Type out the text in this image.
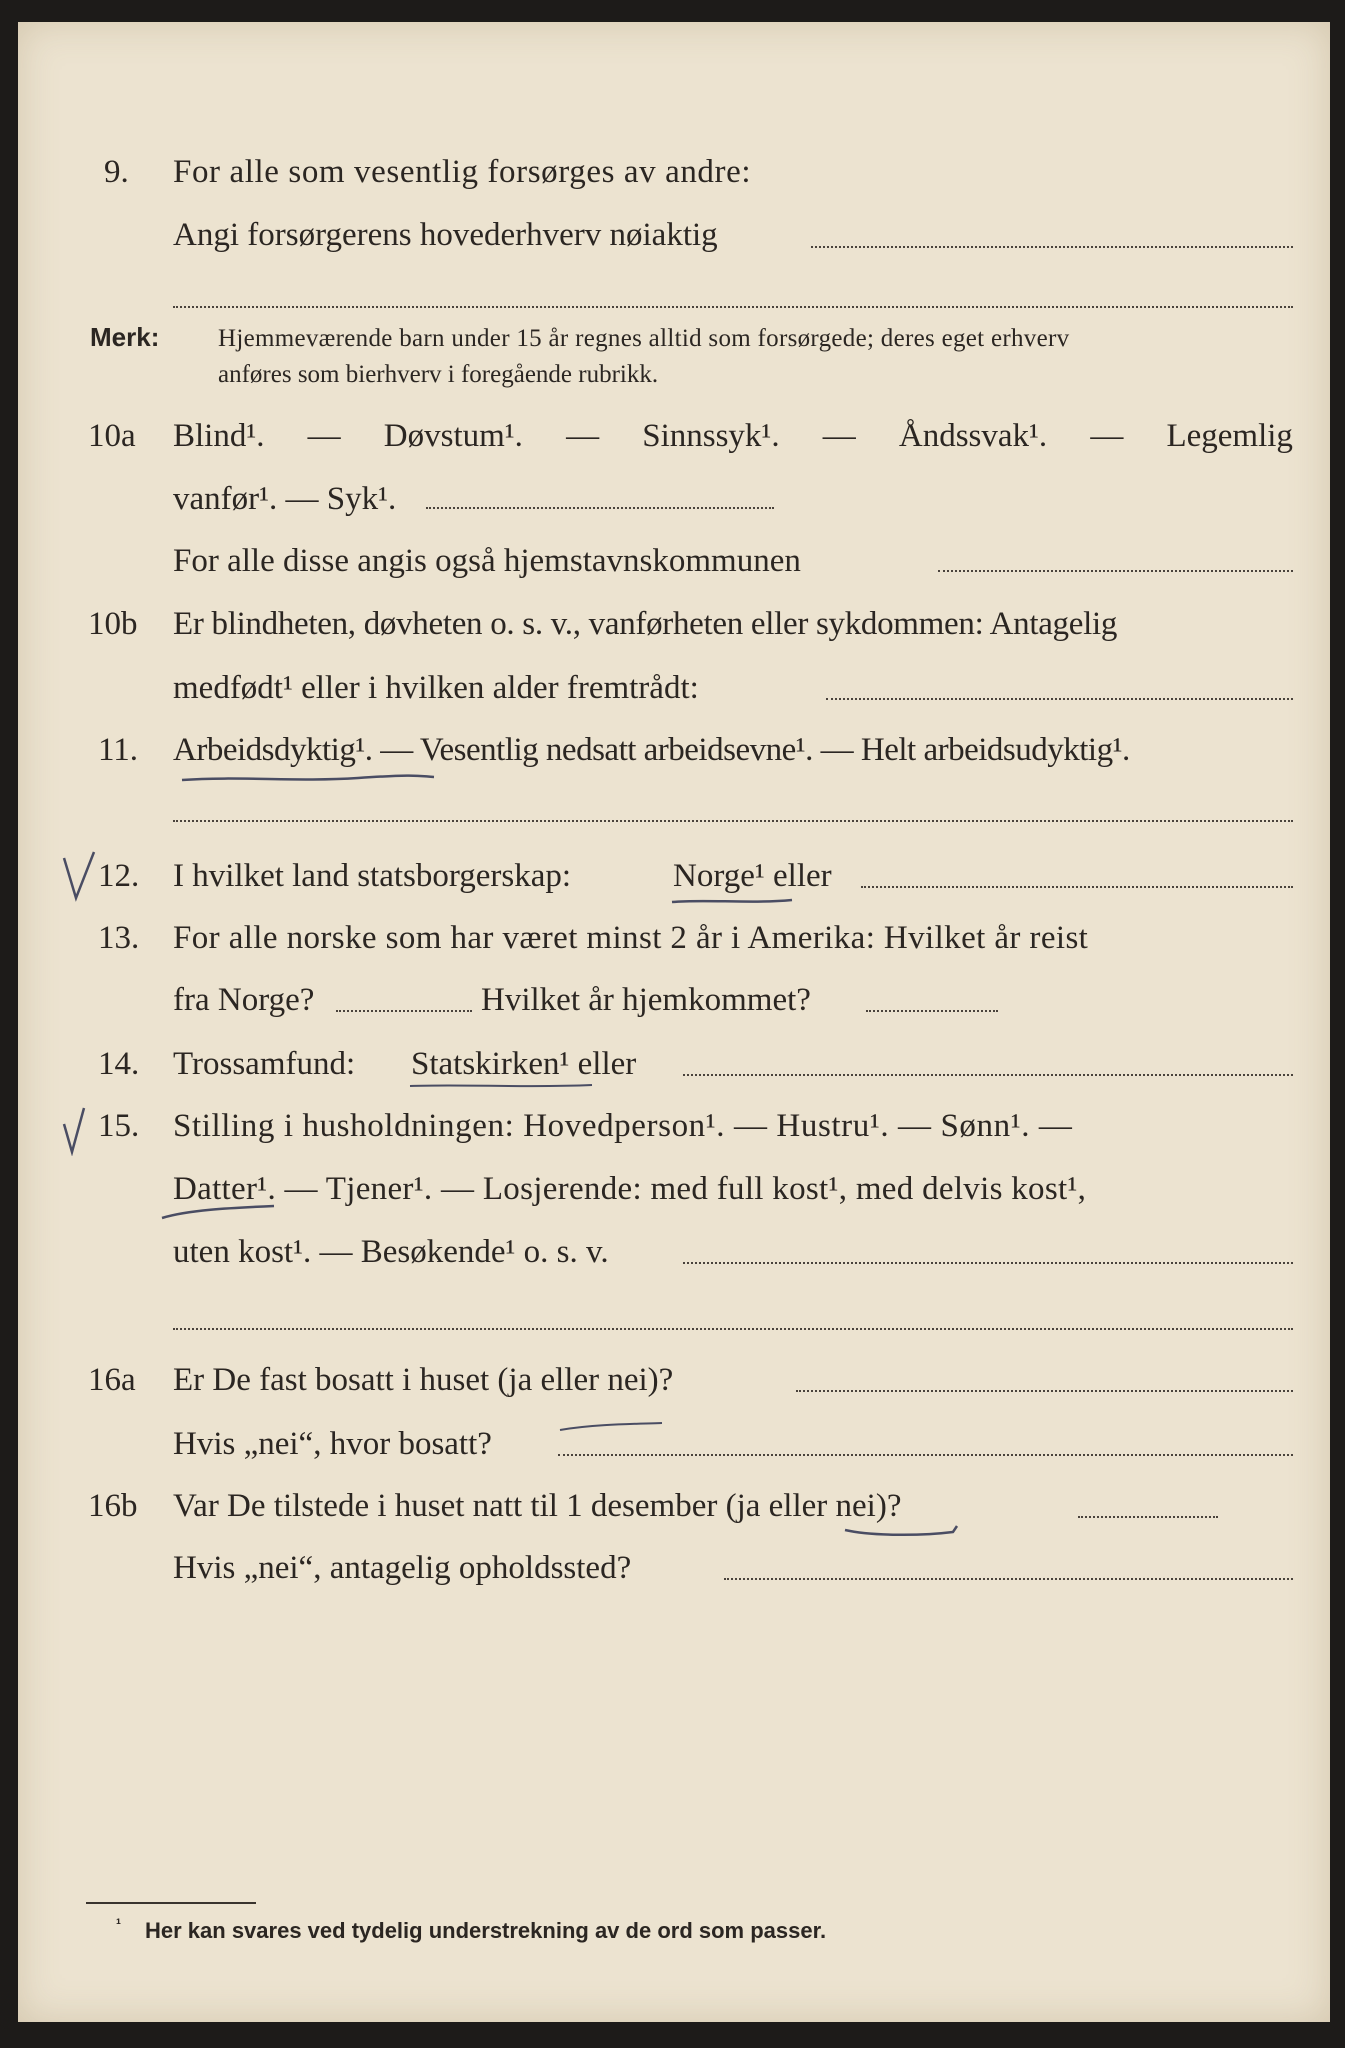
9. For alle som vesentlig forsørges av andre:
Angi forsørgerens hovederhverv nøiaktig
Merk: Hjemmeværende barn under 15 år regnes alltid som forsørgede; deres eget erhverv
anføres som bierhverv i foregående rubrikk.
10a Blind¹. — Døvstum¹. — Sinnssyk¹. — Åndssvak¹. — Legemlig
vanfør¹. — Syk¹.
For alle disse angis også hjemstavnskommunen
10b Er blindheten, døvheten o. s. v., vanførheten eller sykdommen: Antagelig
medfødt¹ eller i hvilken alder fremtrådt:
11. Arbeidsdyktig¹. — Vesentlig nedsatt arbeidsevne¹. — Helt arbeidsudyktig¹.
12. I hvilket land statsborgerskap:	Norge¹ eller
13. For alle norske som har været minst 2 år i Amerika: Hvilket år reist
fra Norge?	Hvilket år hjemkommet?
14. Trossamfund: Statskirken¹ eller
15. Stilling i husholdningen: Hovedperson¹. — Hustru¹. — Sønn¹. —
Datter¹. — Tjener¹. — Losjerende: med full kost¹, med delvis kost¹,
uten kost¹. — Besøkende¹ o. s. v.
16a Er De fast bosatt i huset (ja eller nei)?
Hvis „nei“, hvor bosatt?
16b Var De tilstede i huset natt til 1 desember (ja eller nei)?
Hvis „nei“, antagelig opholdssted?
¹ Her kan svares ved tydelig understrekning av de ord som passer.
